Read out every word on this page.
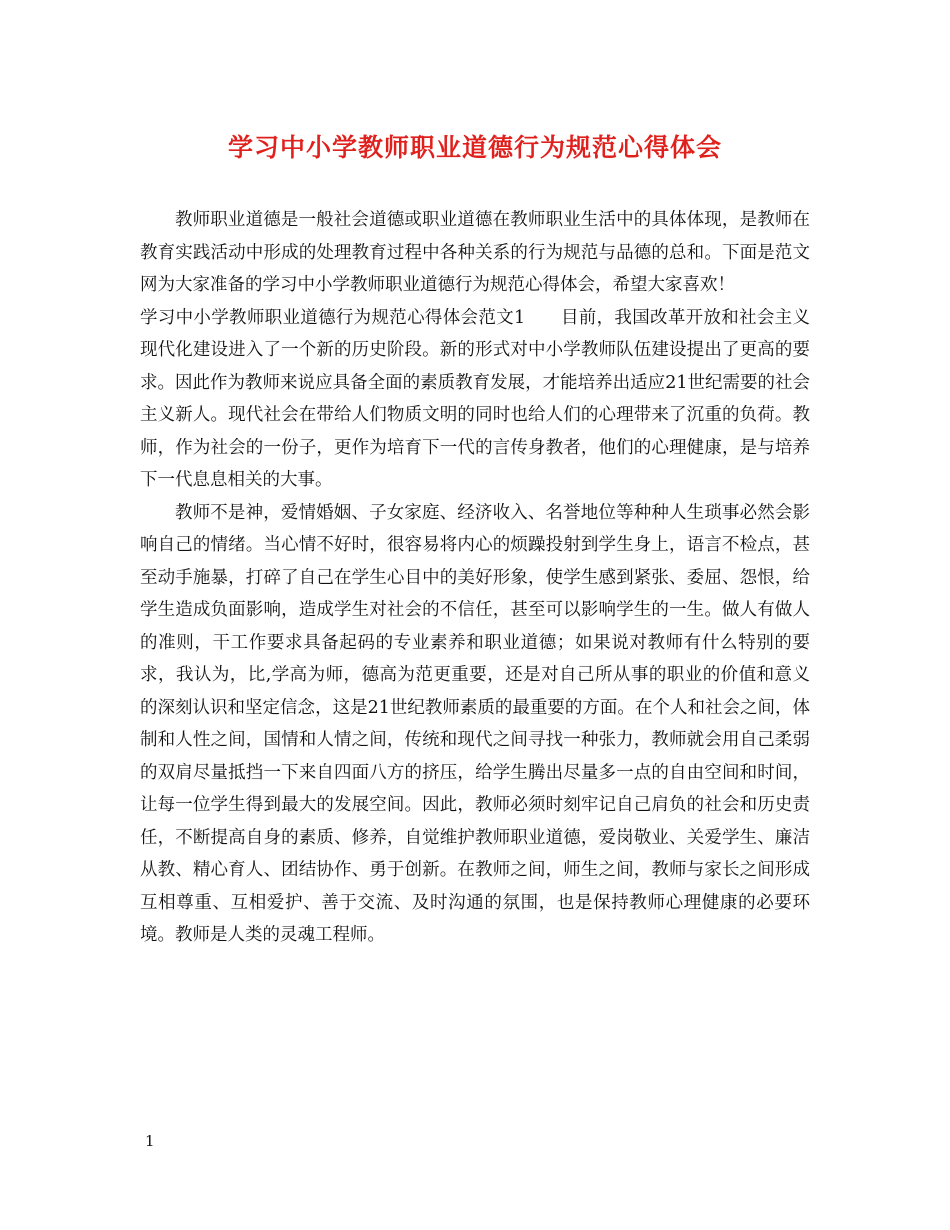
学习中小学教师职业道德行为规范心得体会

教师职业道德是一般社会道德或职业道德在教师职业生活中的具体体现，是教师在教育实践活动中形成的处理教育过程中各种关系的行为规范与品德的总和。下面是范文网为大家准备的学习中小学教师职业道德行为规范心得体会，希望大家喜欢！

学习中小学教师职业道德行为规范心得体会范文1　　目前，我国改革开放和社会主义现代化建设进入了一个新的历史阶段。新的形式对中小学教师队伍建设提出了更高的要求。因此作为教师来说应具备全面的素质教育发展，才能培养出适应21世纪需要的社会主义新人。现代社会在带给人们物质文明的同时也给人们的心理带来了沉重的负荷。教师，作为社会的一份子，更作为培育下一代的言传身教者，他们的心理健康，是与培养下一代息息相关的大事。

教师不是神，爱情婚姻、子女家庭、经济收入、名誉地位等种种人生琐事必然会影响自己的情绪。当心情不好时，很容易将内心的烦躁投射到学生身上，语言不检点，甚至动手施暴，打碎了自己在学生心目中的美好形象，使学生感到紧张、委屈、怨恨，给学生造成负面影响，造成学生对社会的不信任，甚至可以影响学生的一生。做人有做人的准则，干工作要求具备起码的专业素养和职业道德；如果说对教师有什么特别的要求，我认为，比,学高为师，德高为范更重要，还是对自己所从事的职业的价值和意义的深刻认识和坚定信念，这是21世纪教师素质的最重要的方面。在个人和社会之间，体制和人性之间，国情和人情之间，传统和现代之间寻找一种张力，教师就会用自己柔弱的双肩尽量抵挡一下来自四面八方的挤压，给学生腾出尽量多一点的自由空间和时间，让每一位学生得到最大的发展空间。因此，教师必须时刻牢记自己肩负的社会和历史责任，不断提高自身的素质、修养，自觉维护教师职业道德，爱岗敬业、关爱学生、廉洁从教、精心育人、团结协作、勇于创新。在教师之间，师生之间，教师与家长之间形成互相尊重、互相爱护、善于交流、及时沟通的氛围，也是保持教师心理健康的必要环境。教师是人类的灵魂工程师。

1
